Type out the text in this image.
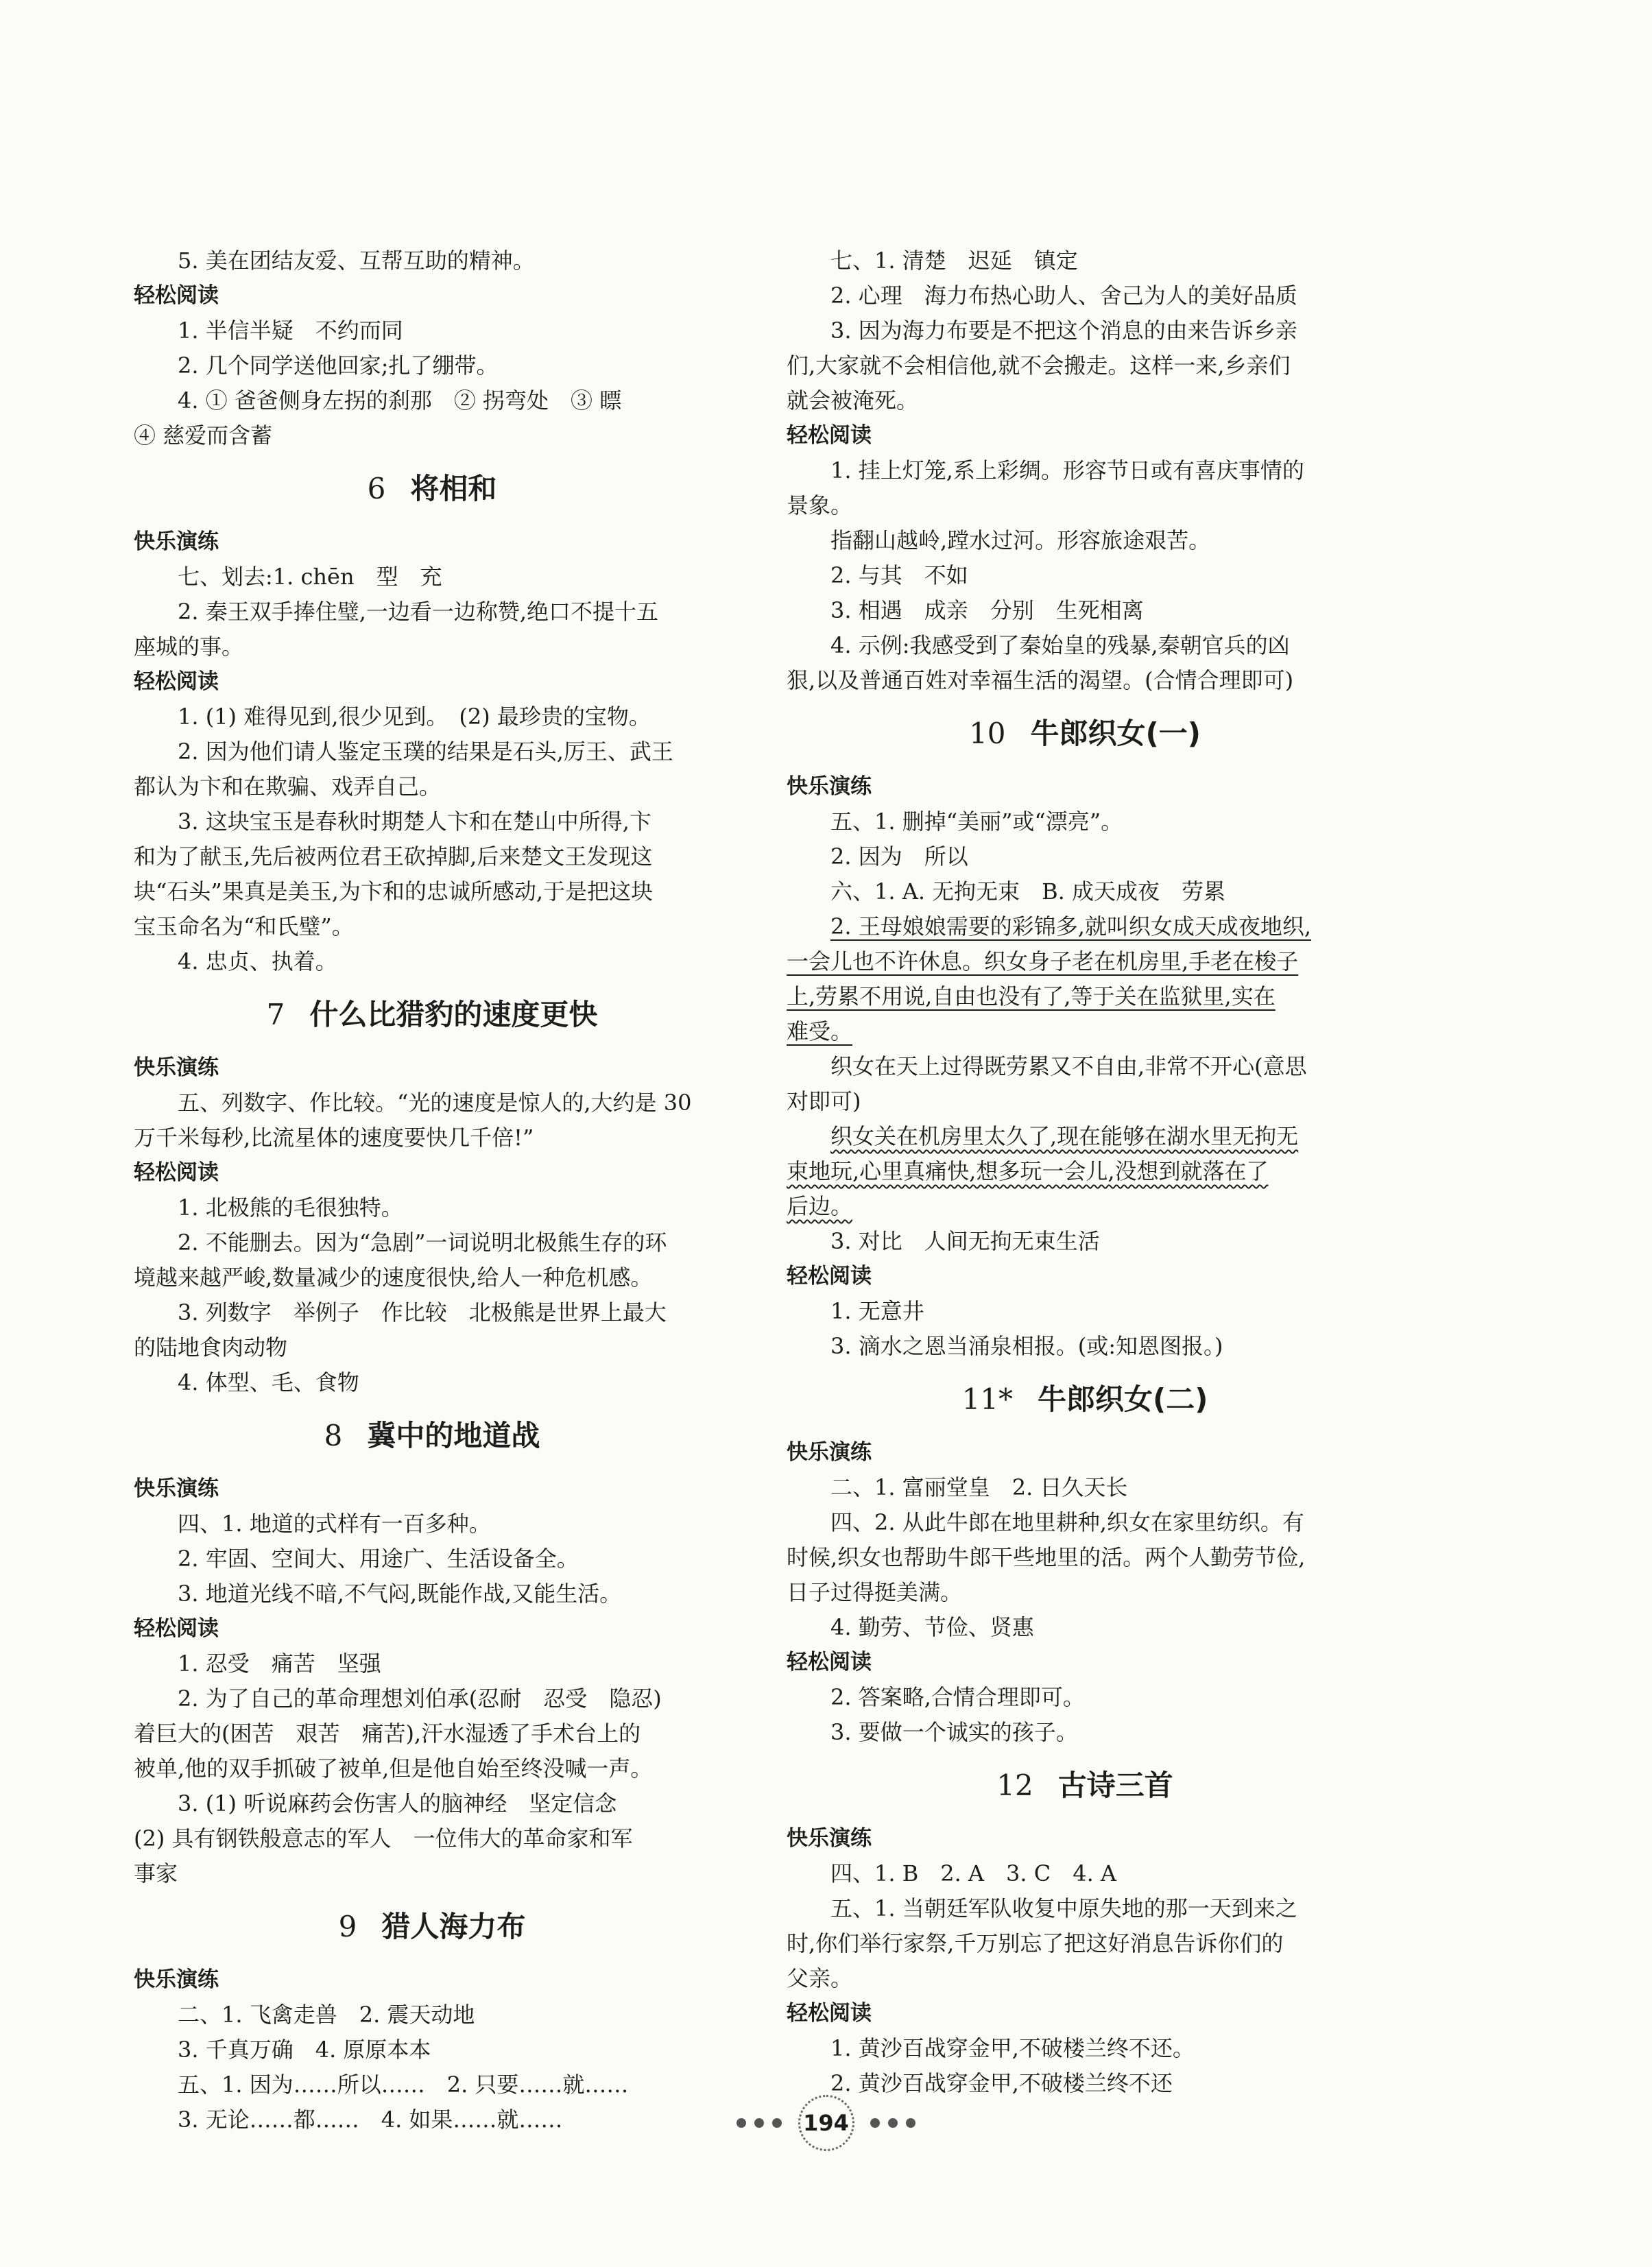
5. 美在团结友爱、互帮互助的精神。
轻松阅读
1. 半信半疑　不约而同
2. 几个同学送他回家;扎了绷带。
4. ① 爸爸侧身左拐的刹那　② 拐弯处　③ 瞟
④ 慈爱而含蓄
6 将相和
快乐演练
七、划去:1. chēn　型　充
2. 秦王双手捧住璧,一边看一边称赞,绝口不提十五
座城的事。
轻松阅读
1. (1) 难得见到,很少见到。　(2) 最珍贵的宝物。
2. 因为他们请人鉴定玉璞的结果是石头,厉王、武王
都认为卞和在欺骗、戏弄自己。
3. 这块宝玉是春秋时期楚人卞和在楚山中所得,卞
和为了献玉,先后被两位君王砍掉脚,后来楚文王发现这
块“石头”果真是美玉,为卞和的忠诚所感动,于是把这块
宝玉命名为“和氏璧”。
4. 忠贞、执着。
7 什么比猎豹的速度更快
快乐演练
五、列数字、作比较。“光的速度是惊人的,大约是 30
万千米每秒,比流星体的速度要快几千倍!”
轻松阅读
1. 北极熊的毛很独特。
2. 不能删去。因为“急剧”一词说明北极熊生存的环
境越来越严峻,数量减少的速度很快,给人一种危机感。
3. 列数字　举例子　作比较　北极熊是世界上最大
的陆地食肉动物
4. 体型、毛、食物
8 冀中的地道战
快乐演练
四、1. 地道的式样有一百多种。
2. 牢固、空间大、用途广、生活设备全。
3. 地道光线不暗,不气闷,既能作战,又能生活。
轻松阅读
1. 忍受　痛苦　坚强
2. 为了自己的革命理想刘伯承(忍耐　忍受　隐忍)
着巨大的(困苦　艰苦　痛苦),汗水湿透了手术台上的
被单,他的双手抓破了被单,但是他自始至终没喊一声。
3. (1) 听说麻药会伤害人的脑神经　坚定信念
(2) 具有钢铁般意志的军人　一位伟大的革命家和军
事家
9 猎人海力布
快乐演练
二、1. 飞禽走兽　2. 震天动地
3. 千真万确　4. 原原本本
五、1. 因为……所以……　2. 只要……就……
3. 无论……都……　4. 如果……就……
七、1. 清楚　迟延　镇定
2. 心理　海力布热心助人、舍己为人的美好品质
3. 因为海力布要是不把这个消息的由来告诉乡亲
们,大家就不会相信他,就不会搬走。这样一来,乡亲们
就会被淹死。
轻松阅读
1. 挂上灯笼,系上彩绸。形容节日或有喜庆事情的
景象。
指翻山越岭,蹚水过河。形容旅途艰苦。
2. 与其　不如
3. 相遇　成亲　分别　生死相离
4. 示例:我感受到了秦始皇的残暴,秦朝官兵的凶
狠,以及普通百姓对幸福生活的渴望。(合情合理即可)
10 牛郎织女(一)
快乐演练
五、1. 删掉“美丽”或“漂亮”。
2. 因为　所以
六、1. A. 无拘无束　B. 成天成夜　劳累
2. 王母娘娘需要的彩锦多,就叫织女成天成夜地织,
一会儿也不许休息。织女身子老在机房里,手老在梭子
上,劳累不用说,自由也没有了,等于关在监狱里,实在
难受。
织女在天上过得既劳累又不自由,非常不开心(意思
对即可)
织女关在机房里太久了,现在能够在湖水里无拘无
束地玩,心里真痛快,想多玩一会儿,没想到就落在了
后边。
3. 对比　人间无拘无束生活
轻松阅读
1. 无意井
3. 滴水之恩当涌泉相报。(或:知恩图报。)
11* 牛郎织女(二)
快乐演练
二、1. 富丽堂皇　2. 日久天长
四、2. 从此牛郎在地里耕种,织女在家里纺织。有
时候,织女也帮助牛郎干些地里的活。两个人勤劳节俭,
日子过得挺美满。
4. 勤劳、节俭、贤惠
轻松阅读
2. 答案略,合情合理即可。
3. 要做一个诚实的孩子。
12 古诗三首
快乐演练
四、1. B　2. A　3. C　4. A
五、1. 当朝廷军队收复中原失地的那一天到来之
时,你们举行家祭,千万别忘了把这好消息告诉你们的
父亲。
轻松阅读
1. 黄沙百战穿金甲,不破楼兰终不还。
2. 黄沙百战穿金甲,不破楼兰终不还
194
